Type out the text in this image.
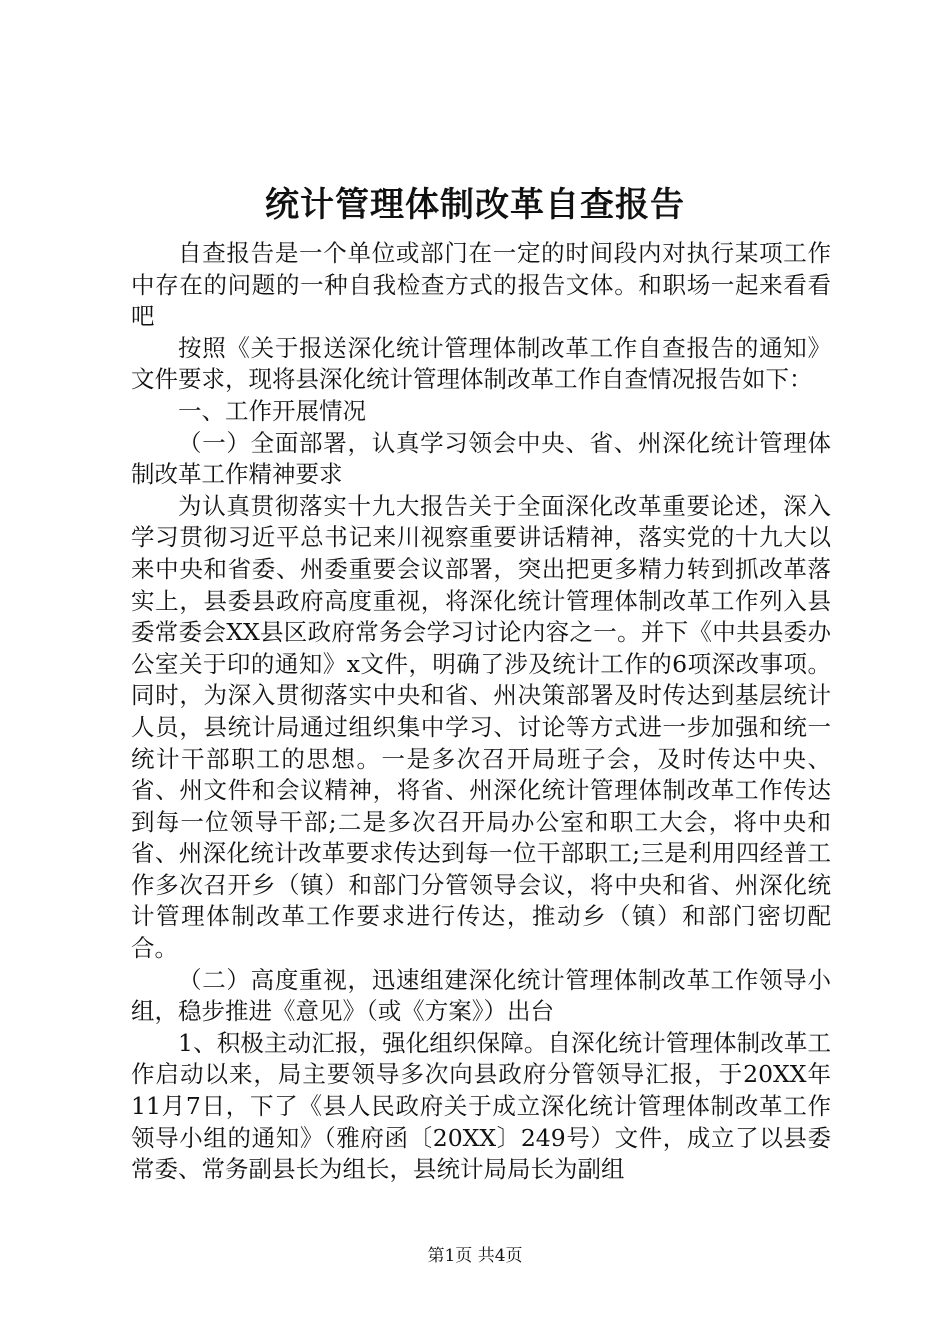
统计管理体制改革自查报告

自查报告是一个单位或部门在一定的时间段内对执行某项工作中存在的问题的一种自我检查方式的报告文体。和职场一起来看看吧

按照《关于报送深化统计管理体制改革工作自查报告的通知》文件要求，现将县深化统计管理体制改革工作自查情况报告如下：

一、工作开展情况

（一）全面部署，认真学习领会中央、省、州深化统计管理体制改革工作精神要求

为认真贯彻落实十九大报告关于全面深化改革重要论述，深入学习贯彻习近平总书记来川视察重要讲话精神，落实党的十九大以来中央和省委、州委重要会议部署，突出把更多精力转到抓改革落实上，县委县政府高度重视，将深化统计管理体制改革工作列入县委常委会XX县区政府常务会学习讨论内容之一。并下《中共县委办公室关于印的通知》x文件，明确了涉及统计工作的6项深改事项。同时，为深入贯彻落实中央和省、州决策部署及时传达到基层统计人员，县统计局通过组织集中学习、讨论等方式进一步加强和统一统计干部职工的思想。一是多次召开局班子会，及时传达中央、省、州文件和会议精神，将省、州深化统计管理体制改革工作传达到每一位领导干部;二是多次召开局办公室和职工大会，将中央和省、州深化统计改革要求传达到每一位干部职工;三是利用四经普工作多次召开乡（镇）和部门分管领导会议，将中央和省、州深化统计管理体制改革工作要求进行传达，推动乡（镇）和部门密切配合。

（二）高度重视，迅速组建深化统计管理体制改革工作领导小组，稳步推进《意见》（或《方案》）出台

1、积极主动汇报，强化组织保障。自深化统计管理体制改革工作启动以来，局主要领导多次向县政府分管领导汇报，于20XX年11月7日，下了《县人民政府关于成立深化统计管理体制改革工作领导小组的通知》（雅府函〔20XX〕249号）文件，成立了以县委常委、常务副县长为组长，县统计局局长为副组

第1页 共4页
